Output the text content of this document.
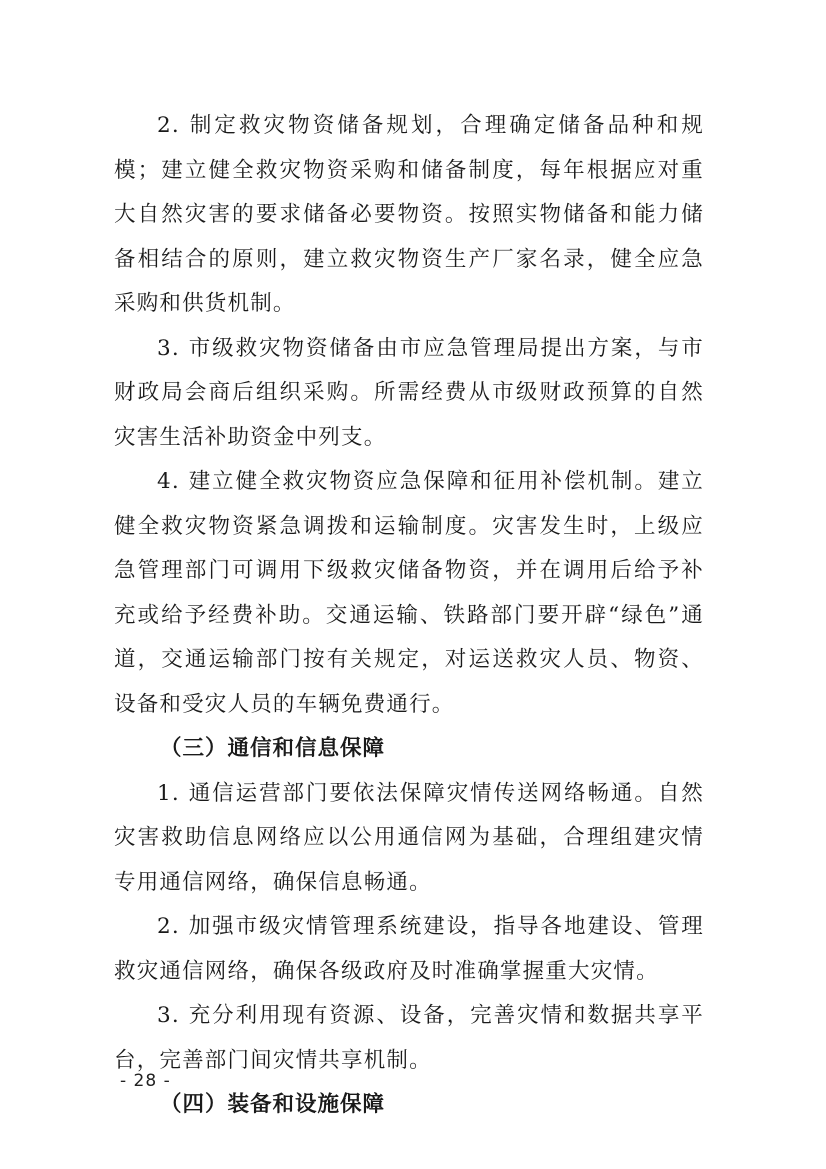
2. 制定救灾物资储备规划，合理确定储备品种和规模；建立健全救灾物资采购和储备制度，每年根据应对重大自然灾害的要求储备必要物资。按照实物储备和能力储备相结合的原则，建立救灾物资生产厂家名录，健全应急采购和供货机制。

3. 市级救灾物资储备由市应急管理局提出方案，与市财政局会商后组织采购。所需经费从市级财政预算的自然灾害生活补助资金中列支。

4. 建立健全救灾物资应急保障和征用补偿机制。建立健全救灾物资紧急调拨和运输制度。灾害发生时，上级应急管理部门可调用下级救灾储备物资，并在调用后给予补充或给予经费补助。交通运输、铁路部门要开辟“绿色”通道，交通运输部门按有关规定，对运送救灾人员、物资、设备和受灾人员的车辆免费通行。

（三）通信和信息保障

1. 通信运营部门要依法保障灾情传送网络畅通。自然灾害救助信息网络应以公用通信网为基础，合理组建灾情专用通信网络，确保信息畅通。

2. 加强市级灾情管理系统建设，指导各地建设、管理救灾通信网络，确保各级政府及时准确掌握重大灾情。

3. 充分利用现有资源、设备，完善灾情和数据共享平台，完善部门间灾情共享机制。

（四）装备和设施保障

- 28 -
